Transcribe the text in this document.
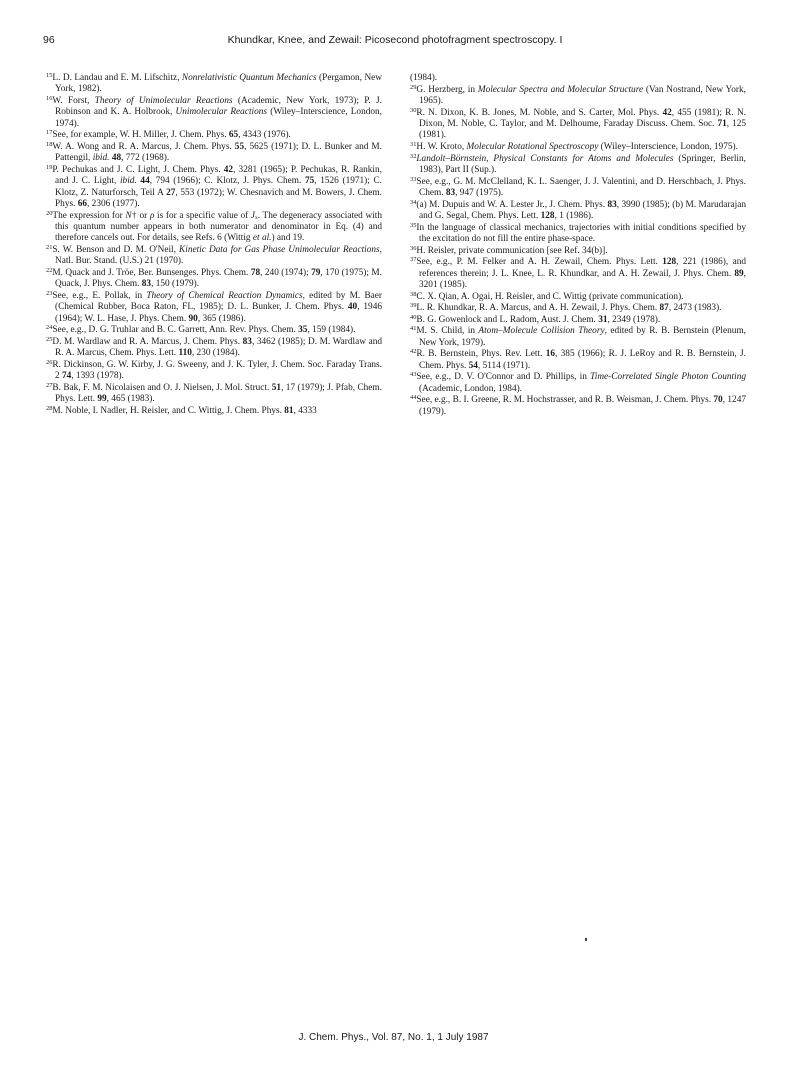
96	Khundkar, Knee, and Zewail: Picosecond photofragment spectroscopy. I
$^{15}$L. D. Landau and E. M. Lifschitz, Nonrelativistic Quantum Mechanics (Pergamon, New York, 1982).
$^{16}$W. Forst, Theory of Unimolecular Reactions (Academic, New York, 1973); P. J. Robinson and K. A. Holbrook, Unimolecular Reactions (Wiley–Interscience, London, 1974).
$^{17}$See, for example, W. H. Miller, J. Chem. Phys. 65, 4343 (1976).
$^{18}$W. A. Wong and R. A. Marcus, J. Chem. Phys. 55, 5625 (1971); D. L. Bunker and M. Pattengil, ibid. 48, 772 (1968).
$^{19}$P. Pechukas and J. C. Light, J. Chem. Phys. 42, 3281 (1965); P. Pechukas, R. Rankin, and J. C. Light, ibid. 44, 794 (1966); C. Klotz, J. Phys. Chem. 75, 1526 (1971); C. Klotz, Z. Naturforsch, Teil A 27, 553 (1972); W. Chesnavich and M. Bowers, J. Chem. Phys. 66, 2306 (1977).
$^{20}$The expression for N† or ρ is for a specific value of Jₓ. The degeneracy associated with this quantum number appears in both numerator and denominator in Eq. (4) and therefore cancels out. For details, see Refs. 6 (Wittig et al.) and 19.
$^{21}$S. W. Benson and D. M. O'Neil, Kinetic Data for Gas Phase Unimolecular Reactions, Natl. Bur. Stand. (U.S.) 21 (1970).
$^{22}$M. Quack and J. Tröe, Ber. Bunsenges. Phys. Chem. 78, 240 (1974); 79, 170 (1975); M. Quack, J. Phys. Chem. 83, 150 (1979).
$^{23}$See, e.g., E. Pollak, in Theory of Chemical Reaction Dynamics, edited by M. Baer (Chemical Rubber, Boca Raton, FL, 1985); D. L. Bunker, J. Chem. Phys. 40, 1946 (1964); W. L. Hase, J. Phys. Chem. 90, 365 (1986).
$^{24}$See, e.g., D. G. Truhlar and B. C. Garrett, Ann. Rev. Phys. Chem. 35, 159 (1984).
$^{25}$D. M. Wardlaw and R. A. Marcus, J. Chem. Phys. 83, 3462 (1985); D. M. Wardlaw and R. A. Marcus, Chem. Phys. Lett. 110, 230 (1984).
$^{26}$R. Dickinson, G. W. Kirby, J. G. Sweeny, and J. K. Tyler, J. Chem. Soc. Faraday Trans. 2 74, 1393 (1978).
$^{27}$B. Bak, F. M. Nicolaisen and O. J. Nielsen, J. Mol. Struct. 51, 17 (1979); J. Pfab, Chem. Phys. Lett. 99, 465 (1983).
$^{28}$M. Noble, I. Nadler, H. Reisler, and C. Wittig, J. Chem. Phys. 81, 4333
(1984).
$^{29}$G. Herzberg, in Molecular Spectra and Molecular Structure (Van Nostrand, New York, 1965).
$^{30}$R. N. Dixon, K. B. Jones, M. Noble, and S. Carter, Mol. Phys. 42, 455 (1981); R. N. Dixon, M. Noble, C. Taylor, and M. Delhoume, Faraday Discuss. Chem. Soc. 71, 125 (1981).
$^{31}$H. W. Kroto, Molecular Rotational Spectroscopy (Wiley–Interscience, London, 1975).
$^{32}$Landolt–Börnstein, Physical Constants for Atoms and Molecules (Springer, Berlin, 1983), Part II (Sup.).
$^{33}$See, e.g., G. M. McClelland, K. L. Saenger, J. J. Valentini, and D. Herschbach, J. Phys. Chem. 83, 947 (1975).
$^{34}$(a) M. Dupuis and W. A. Lester Jr., J. Chem. Phys. 83, 3990 (1985); (b) M. Marudarajan and G. Segal, Chem. Phys. Lett. 128, 1 (1986).
$^{35}$In the language of classical mechanics, trajectories with initial conditions specified by the excitation do not fill the entire phase-space.
$^{36}$H. Reisler, private communication [see Ref. 34(b)].
$^{37}$See, e.g., P. M. Felker and A. H. Zewail, Chem. Phys. Lett. 128, 221 (1986), and references therein; J. L. Knee, L. R. Khundkar, and A. H. Zewail, J. Phys. Chem. 89, 3201 (1985).
$^{38}$C. X. Qian, A. Ogai, H. Reisler, and C. Wittig (private communication).
$^{39}$L. R. Khundkar, R. A. Marcus, and A. H. Zewail, J. Phys. Chem. 87, 2473 (1983).
$^{40}$B. G. Gowenlock and L. Radom, Aust. J. Chem. 31, 2349 (1978).
$^{41}$M. S. Child, in Atom–Molecule Collision Theory, edited by R. B. Bernstein (Plenum, New York, 1979).
$^{42}$R. B. Bernstein, Phys. Rev. Lett. 16, 385 (1966); R. J. LeRoy and R. B. Bernstein, J. Chem. Phys. 54, 5114 (1971).
$^{43}$See, e.g., D. V. O'Connor and D. Phillips, in Time-Correlated Single Photon Counting (Academic, London, 1984).
$^{44}$See, e.g., B. I. Greene, R. M. Hochstrasser, and R. B. Weisman, J. Chem. Phys. 70, 1247 (1979).
J. Chem. Phys., Vol. 87, No. 1, 1 July 1987
